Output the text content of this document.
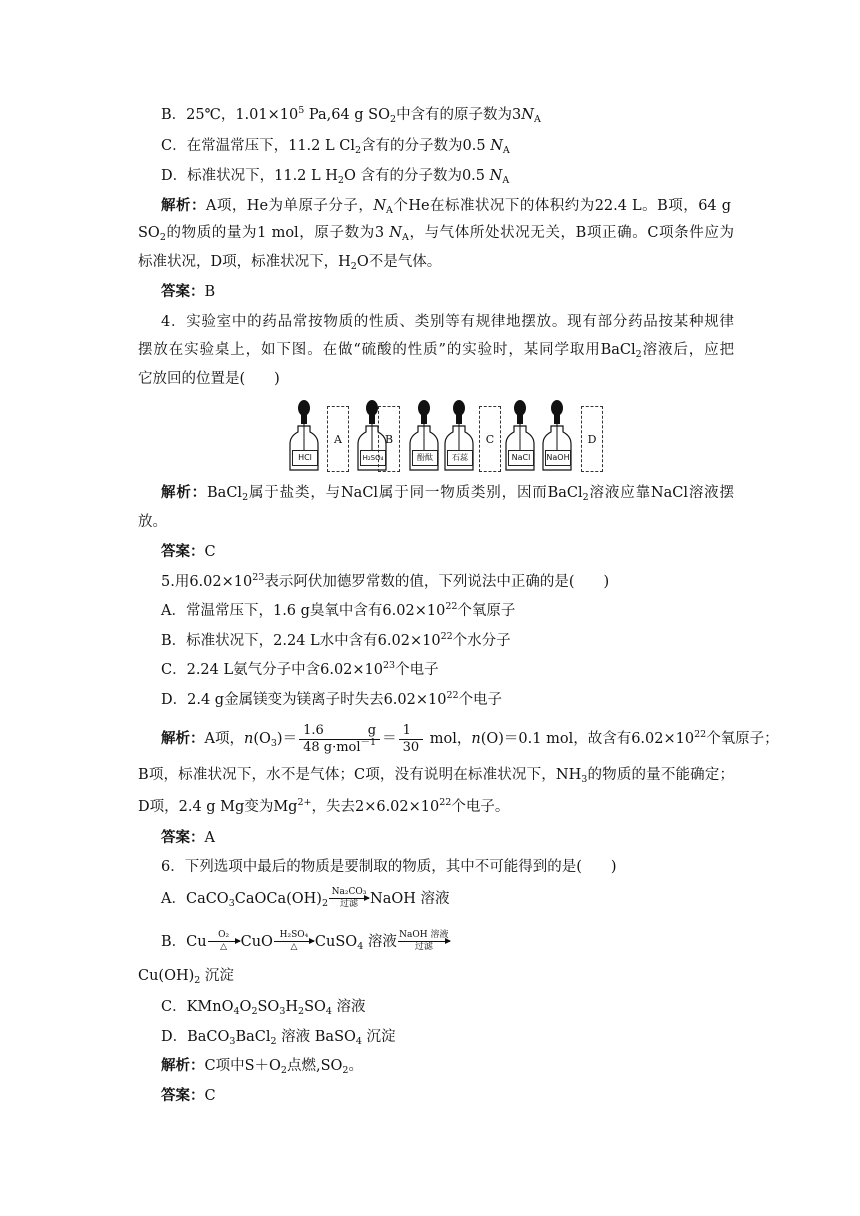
B．25℃，$1.01\times 10^5$ Pa,64 g $SO_2$中含有的原子数为$3N_A$
C．在常温常压下，11.2 L $Cl_2$含有的分子数为0.5 $N_A$
D．标准状况下，11.2 L $H_2O$ 含有的分子数为0.5 $N_A$
解析：A项，He为单原子分子，$N_A$个He在标准状况下的体积约为22.4 L。B项，64 g
$SO_2$的物质的量为1 mol，原子数为3 $N_A$，与气体所处状况无关，B项正确。C项条件应为
标准状况，D项，标准状况下，$H_2O$不是气体。
答案：B
4．实验室中的药品常按物质的性质、类别等有规律地摆放。现有部分药品按某种规律
摆放在实验桌上，如下图。在做“硫酸的性质”的实验时，某同学取用BaCl$_2$溶液后，应把
它放回的位置是(　　)
HCl
A
H₂SO₄
B
酚酞	石蕊
C
NaCl	NaOH
D
解析：BaCl$_2$属于盐类，与NaCl属于同一物质类别，因而BaCl$_2$溶液应靠NaCl溶液摆
放。
答案：C
5.用$6.02\times 10^{23}$表示阿伏加德罗常数的值，下列说法中正确的是(　　)
A．常温常压下，1.6 g臭氧中含有$6.02\times 10^{22}$个氧原子
B．标准状况下，2.24 L水中含有$6.02\times 10^{22}$个水分子
C．2.24 L氨气分子中含$6.02\times 10^{23}$个电子
D．2.4 g金属镁变为镁离子时失去$6.02\times 10^{22}$个电子
解析：A项，$n(O_3)= \frac{1.6 g}{48 g\cdot mol^{-1}} = \frac{1}{30}$ mol，n(O)＝0.1 mol，故含有$6.02\times 10^{22}$个氧原子；
B项，标准状况下，水不是气体；C项，没有说明在标准状况下，$NH_3$的物质的量不能确定；
D项，2.4 g Mg变为$Mg^{2+}$，失去$2\times 6.02\times 10^{22}$个电子。
答案：A
6．下列选项中最后的物质是要制取的物质，其中不可能得到的是(　　)
A．$CaCO_3CaOCa(OH)_2$
Na₂CO₃
过滤 NaOH 溶液
B．Cu	O₂
△ CuO H₂SO₄
△	CuSO$_4$ 溶液 NaOH 溶液
过滤
$Cu(OH)_2$ 沉淀
C．$KMnO_4O_2SO_3H_2SO_4$ 溶液
D．BaCO$_3$BaCl$_2$ 溶液 BaSO$_4$ 沉淀
解析：C项中$S+O_2$点燃$,SO_2$。
答案：C
